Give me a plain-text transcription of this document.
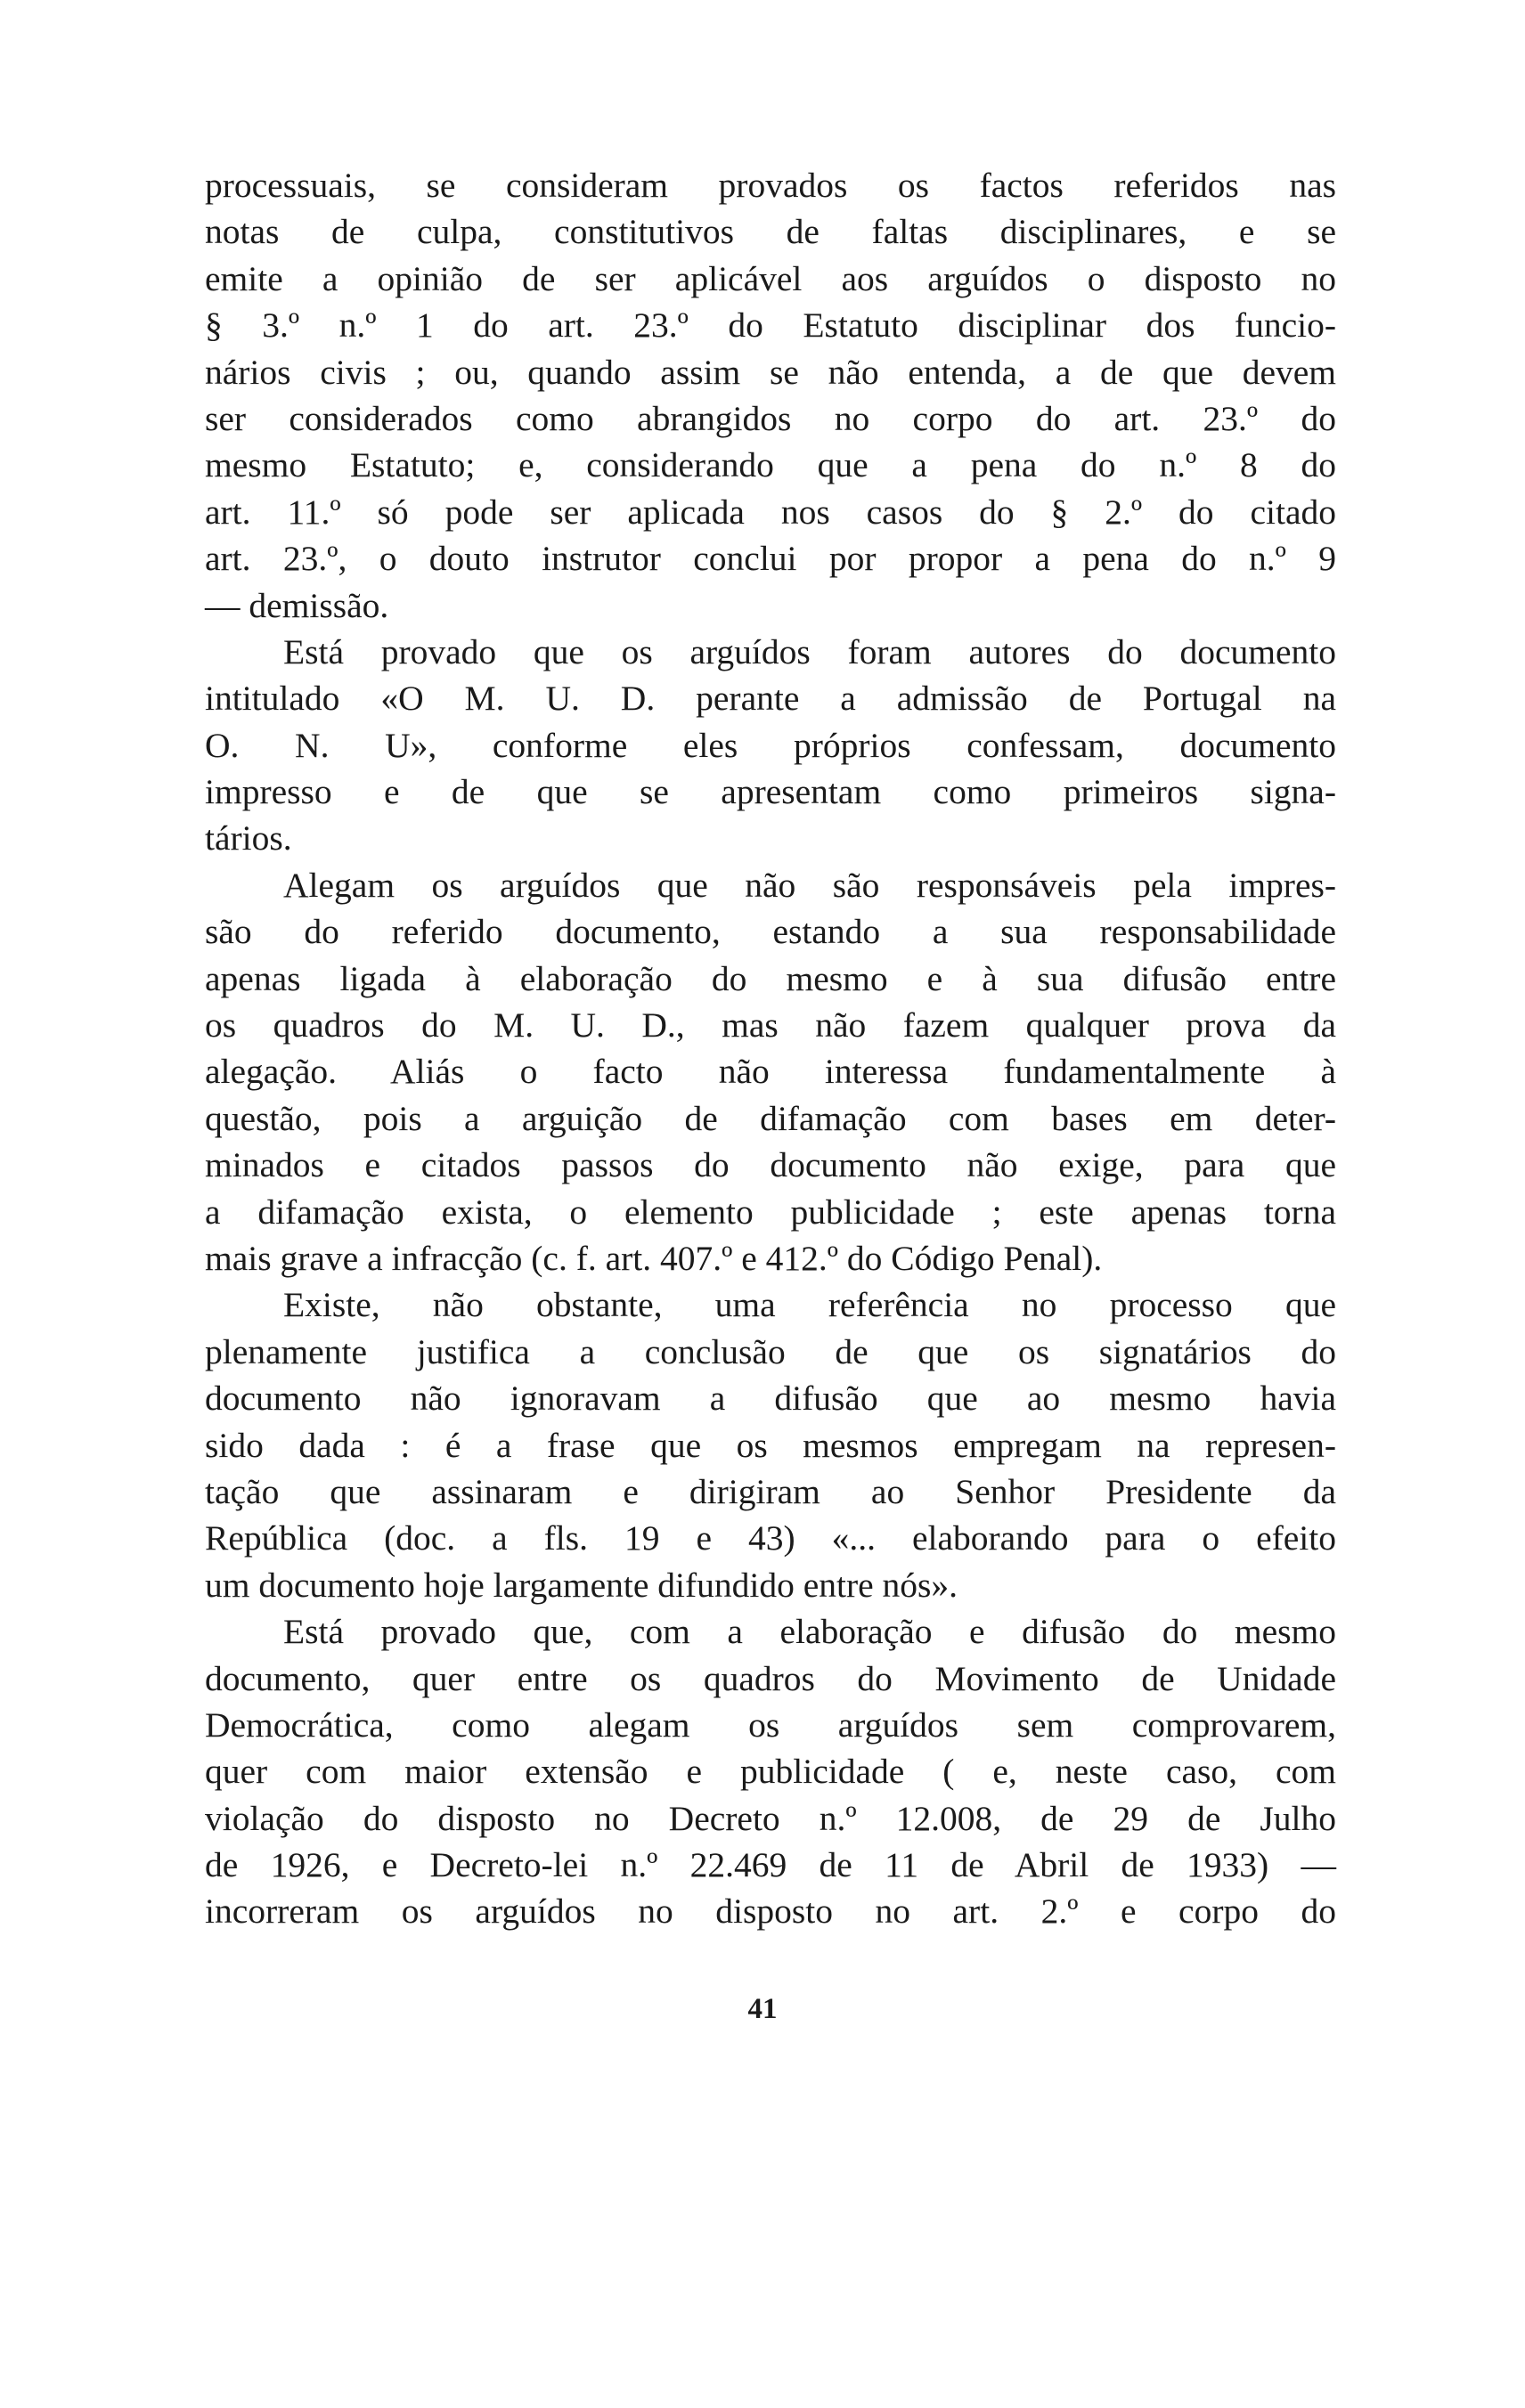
processuais, se consideram provados os factos referidos nas
notas de culpa, constitutivos de faltas disciplinares, e se
emite a opinião de ser aplicável aos arguídos o disposto no
§ 3.º n.º 1 do art. 23.º do Estatuto disciplinar dos funcio-
nários civis ; ou, quando assim se não entenda, a de que devem
ser considerados como abrangidos no corpo do art. 23.º do
mesmo Estatuto; e, considerando que a pena do n.º 8 do
art. 11.º só pode ser aplicada nos casos do § 2.º do citado
art. 23.º, o douto instrutor conclui por propor a pena do n.º 9
— demissão.
Está provado que os arguídos foram autores do documento
intitulado «O M. U. D. perante a admissão de Portugal na
O. N. U», conforme eles próprios confessam, documento
impresso e de que se apresentam como primeiros signa-
tários.
Alegam os arguídos que não são responsáveis pela impres-
são do referido documento, estando a sua responsabilidade
apenas ligada à elaboração do mesmo e à sua difusão entre
os quadros do M. U. D., mas não fazem qualquer prova da
alegação. Aliás o facto não interessa fundamentalmente à
questão, pois a arguição de difamação com bases em deter-
minados e citados passos do documento não exige, para que
a difamação exista, o elemento publicidade ; este apenas torna
mais grave a infracção (c. f. art. 407.º e 412.º do Código Penal).
Existe, não obstante, uma referência no processo que
plenamente justifica a conclusão de que os signatários do
documento não ignoravam a difusão que ao mesmo havia
sido dada : é a frase que os mesmos empregam na represen-
tação que assinaram e dirigiram ao Senhor Presidente da
República (doc. a fls. 19 e 43) «... elaborando para o efeito
um documento hoje largamente difundido entre nós».
Está provado que, com a elaboração e difusão do mesmo
documento, quer entre os quadros do Movimento de Unidade
Democrática, como alegam os arguídos sem comprovarem,
quer com maior extensão e publicidade ( e, neste caso, com
violação do disposto no Decreto n.º 12.008, de 29 de Julho
de 1926, e Decreto-lei n.º 22.469 de 11 de Abril de 1933) —
incorreram os arguídos no disposto no art. 2.º e corpo do
41
